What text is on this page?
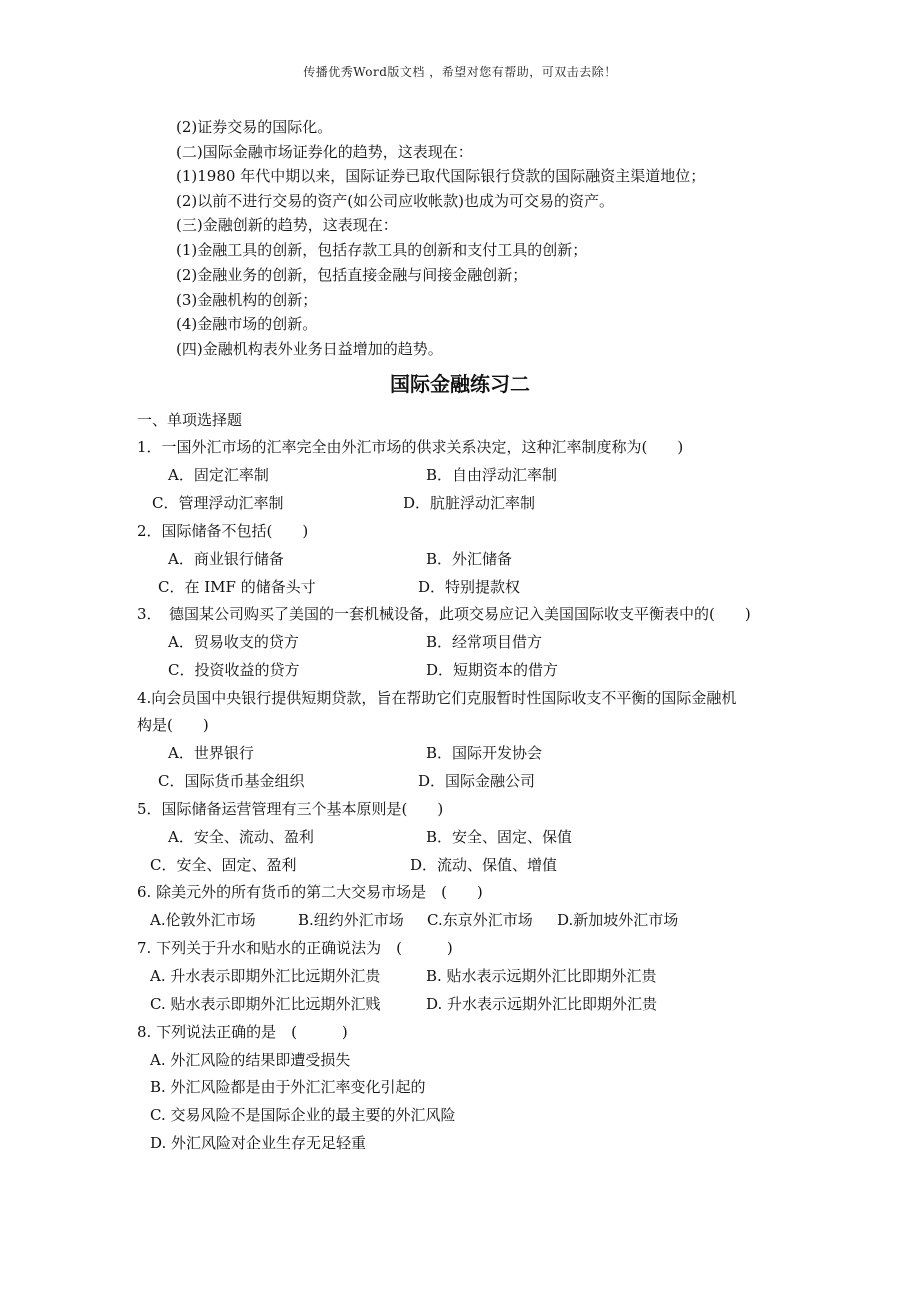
传播优秀Word版文档 ，希望对您有帮助，可双击去除！
(2)证券交易的国际化。
(二)国际金融市场证券化的趋势，这表现在：
(1)1980 年代中期以来，国际证券已取代国际银行贷款的国际融资主渠道地位；
(2)以前不进行交易的资产(如公司应收帐款)也成为可交易的资产。
(三)金融创新的趋势，这表现在：
(1)金融工具的创新，包括存款工具的创新和支付工具的创新；
(2)金融业务的创新，包括直接金融与间接金融创新；
(3)金融机构的创新；
(4)金融市场的创新。
(四)金融机构表外业务日益增加的趋势。
国际金融练习二
一、单项选择题
1．一国外汇市场的汇率完全由外汇市场的供求关系决定，这种汇率制度称为(　　)
A．固定汇率制	B．自由浮动汇率制
C．管理浮动汇率制	D．肮脏浮动汇率制
2．国际储备不包括(　　)
A．商业银行储备	B．外汇储备
C．在 IMF 的储备头寸	D．特别提款权
3．　德国某公司购买了美国的一套机械设备，此项交易应记入美国国际收支平衡表中的(　　)
A．贸易收支的贷方	B．经常项目借方
C．投资收益的贷方	D．短期资本的借方
4.向会员国中央银行提供短期贷款，旨在帮助它们克服暂时性国际收支不平衡的国际金融机
构是(　　)
A．世界银行	B．国际开发协会
C．国际货币基金组织	D．国际金融公司
5．国际储备运营管理有三个基本原则是(　　)
A．安全、流动、盈利	B．安全、固定、保值
C．安全、固定、盈利	D．流动、保值、增值
6. 除美元外的所有货币的第二大交易市场是　(　　)
A.伦敦外汇市场	B.纽约外汇市场 C.东京外汇市场 D.新加坡外汇市场
7. 下列关于升水和贴水的正确说法为　(　　　)
A. 升水表示即期外汇比远期外汇贵	B. 贴水表示远期外汇比即期外汇贵
C. 贴水表示即期外汇比远期外汇贱	D. 升水表示远期外汇比即期外汇贵
8. 下列说法正确的是　(　　　)
A. 外汇风险的结果即遭受损失
B. 外汇风险都是由于外汇汇率变化引起的
C. 交易风险不是国际企业的最主要的外汇风险
D. 外汇风险对企业生存无足轻重
